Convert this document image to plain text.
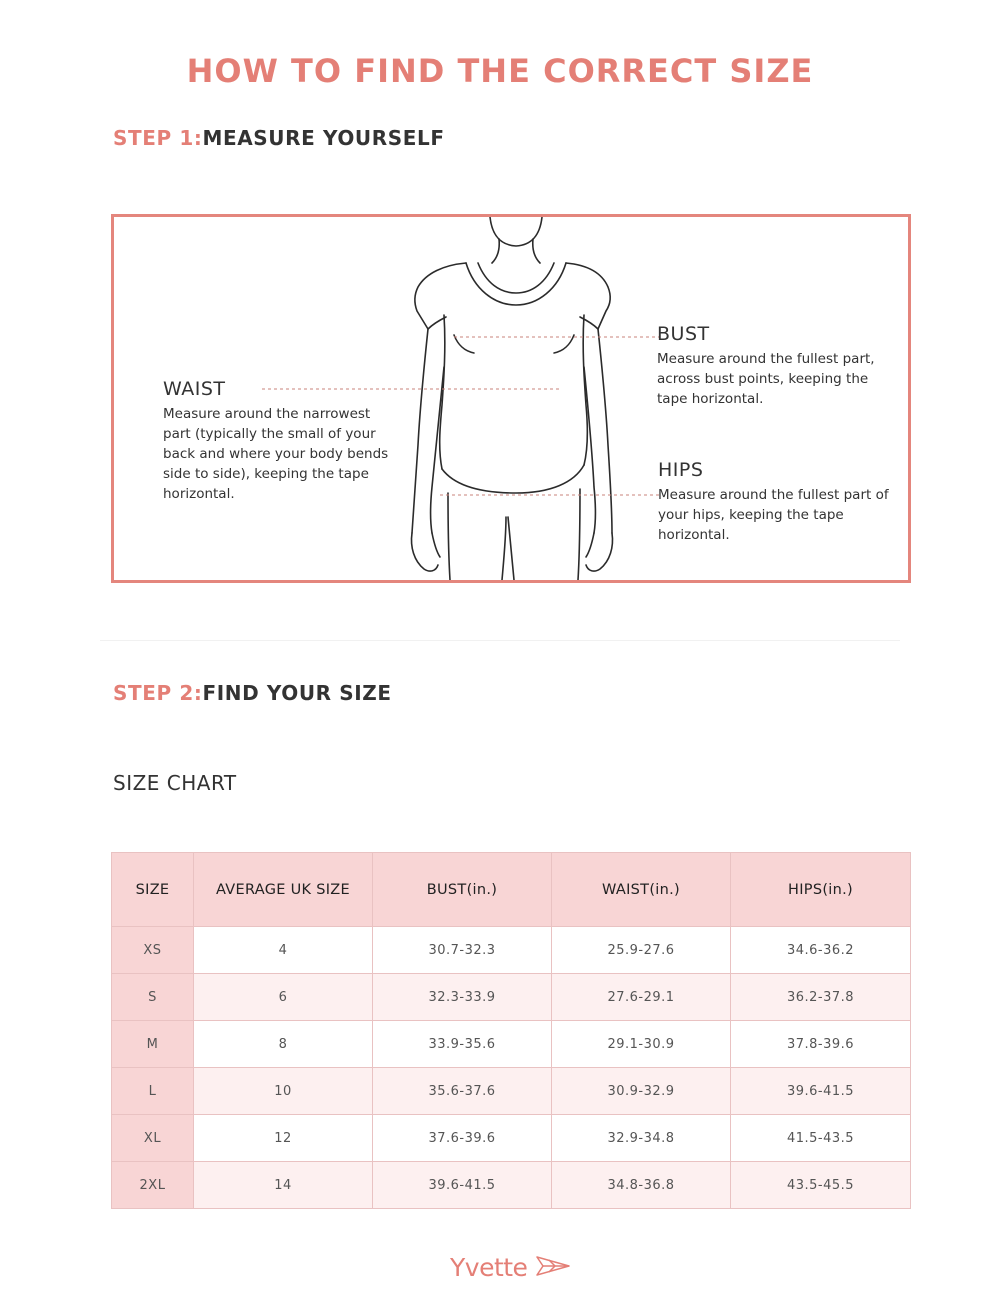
HOW TO FIND THE CORRECT SIZE
STEP 1:MEASURE YOURSELF
WAIST
Measure around the narrowest part (typically the small of your back and where your body bends side to side), keeping the tape horizontal.
BUST
Measure around the fullest part, across bust points, keeping the tape horizontal.
HIPS
Measure around the fullest part of your hips, keeping the tape horizontal.
STEP 2:FIND YOUR SIZE
SIZE CHART
SIZE	AVERAGE UK SIZE	BUST(in.)	WAIST(in.)	HIPS(in.)
XS	4	30.7-32.3	25.9-27.6	34.6-36.2
S	6	32.3-33.9	27.6-29.1	36.2-37.8
M	8	33.9-35.6	29.1-30.9	37.8-39.6
L	10	35.6-37.6	30.9-32.9	39.6-41.5
XL	12	37.6-39.6	32.9-34.8	41.5-43.5
2XL	14	39.6-41.5	34.8-36.8	43.5-45.5
Yvette
